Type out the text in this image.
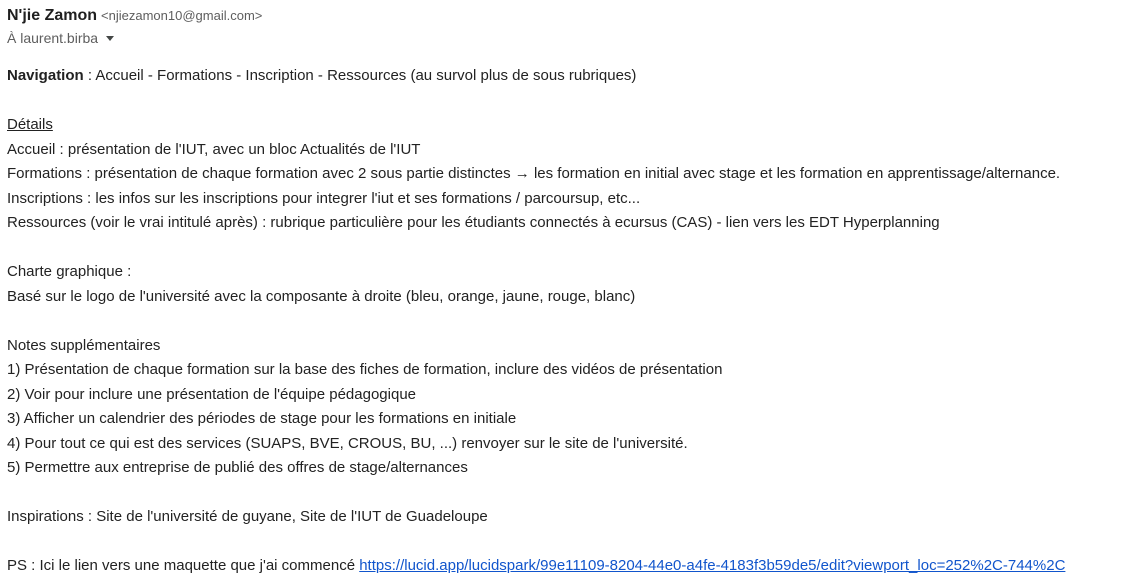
N'jie Zamon <njiezamon10@gmail.com>
À laurent.birba
Navigation : Accueil - Formations - Inscription - Ressources (au survol plus de sous rubriques)
Détails
Accueil : présentation de l'IUT, avec un bloc Actualités de l'IUT
Formations : présentation de chaque formation avec 2 sous partie distinctes → les formation en initial avec stage et les formation en apprentissage/alternance.
Inscriptions : les infos sur les inscriptions pour integrer l'iut et ses formations / parcoursup, etc...
Ressources (voir le vrai intitulé après) : rubrique particulière pour les étudiants connectés à ecursus (CAS) - lien vers les EDT Hyperplanning
Charte graphique :
Basé sur le logo de l'université avec la composante à droite (bleu, orange, jaune, rouge, blanc)
Notes supplémentaires
1) Présentation de chaque formation sur la base des fiches de formation, inclure des vidéos de présentation
2) Voir pour inclure une présentation de l'équipe pédagogique
3) Afficher un calendrier des périodes de stage pour les formations en initiale
4) Pour tout ce qui est des services (SUAPS, BVE, CROUS, BU, ...) renvoyer sur le site de l'université.
5) Permettre aux entreprise de publié des offres de stage/alternances
Inspirations : Site de l'université de guyane, Site de l'IUT de Guadeloupe
PS : Ici le lien vers une maquette que j'ai commencé https://lucid.app/lucidspark/99e11109-8204-44e0-a4fe-4183f3b59de5/edit?viewport_loc=252%2C-744%2C
